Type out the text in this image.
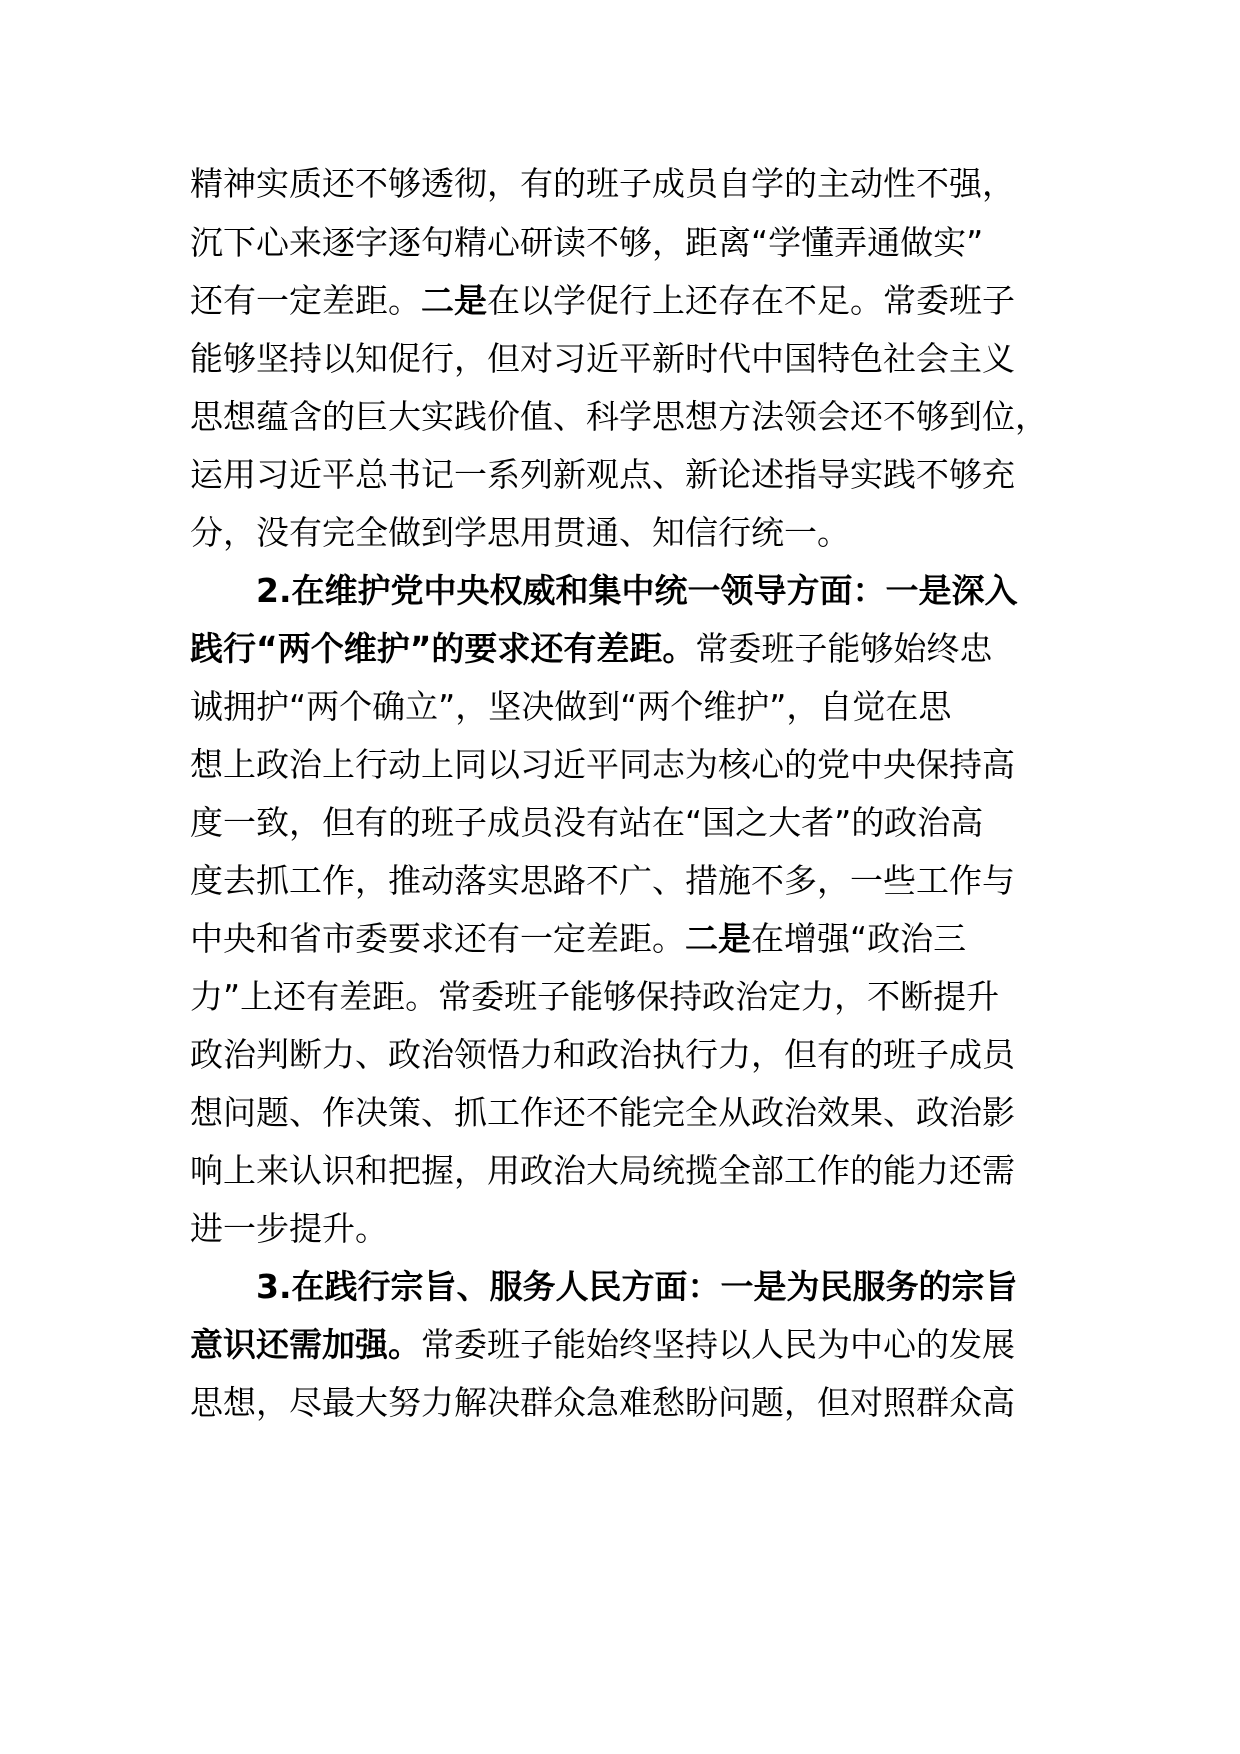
精神实质还不够透彻，有的班子成员自学的主动性不强，
沉下心来逐字逐句精心研读不够，距离“学懂弄通做实”
还有一定差距。二是在以学促行上还存在不足。常委班子
能够坚持以知促行，但对习近平新时代中国特色社会主义
思想蕴含的巨大实践价值、科学思想方法领会还不够到位，
运用习近平总书记一系列新观点、新论述指导实践不够充
分，没有完全做到学思用贯通、知信行统一。
　　2.在维护党中央权威和集中统一领导方面：一是深入
践行“两个维护”的要求还有差距。常委班子能够始终忠
诚拥护“两个确立”，坚决做到“两个维护”，自觉在思
想上政治上行动上同以习近平同志为核心的党中央保持高
度一致，但有的班子成员没有站在“国之大者”的政治高
度去抓工作，推动落实思路不广、措施不多，一些工作与
中央和省市委要求还有一定差距。二是在增强“政治三
力”上还有差距。常委班子能够保持政治定力，不断提升
政治判断力、政治领悟力和政治执行力，但有的班子成员
想问题、作决策、抓工作还不能完全从政治效果、政治影
响上来认识和把握，用政治大局统揽全部工作的能力还需
进一步提升。
　　3.在践行宗旨、服务人民方面：一是为民服务的宗旨
意识还需加强。常委班子能始终坚持以人民为中心的发展
思想，尽最大努力解决群众急难愁盼问题，但对照群众高
